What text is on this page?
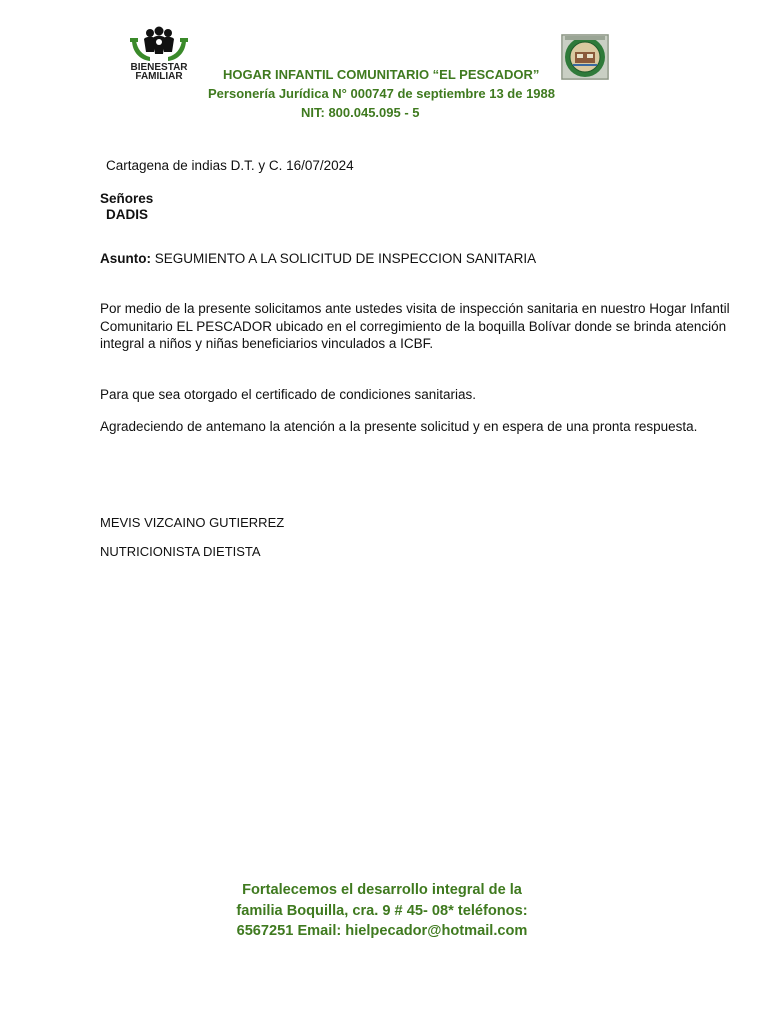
BIENESTAR
FAMILIAR	HOGAR INFANTIL COMUNITARIO “EL PESCADOR”
Personería Jurídica N° 000747 de septiembre 13 de 1988
NIT: 800.045.095 - 5
Cartagena de indias D.T. y C. 16/07/2024
Señores
DADIS
Asunto: SEGUMIENTO A LA SOLICITUD DE INSPECCION SANITARIA
Por medio de la presente solicitamos ante ustedes visita de inspección sanitaria en nuestro Hogar Infantil
Comunitario EL PESCADOR ubicado en el corregimiento de la boquilla Bolívar donde se brinda atención
integral a niños y niñas beneficiarios vinculados a ICBF.
Para que sea otorgado el certificado de condiciones sanitarias.
Agradeciendo de antemano la atención a la presente solicitud y en espera de una pronta respuesta.
MEVIS VIZCAINO GUTIERREZ
NUTRICIONISTA DIETISTA
Fortalecemos el desarrollo integral de la
familia Boquilla, cra. 9 # 45- 08* teléfonos:
6567251 Email: hielpecador@hotmail.com
